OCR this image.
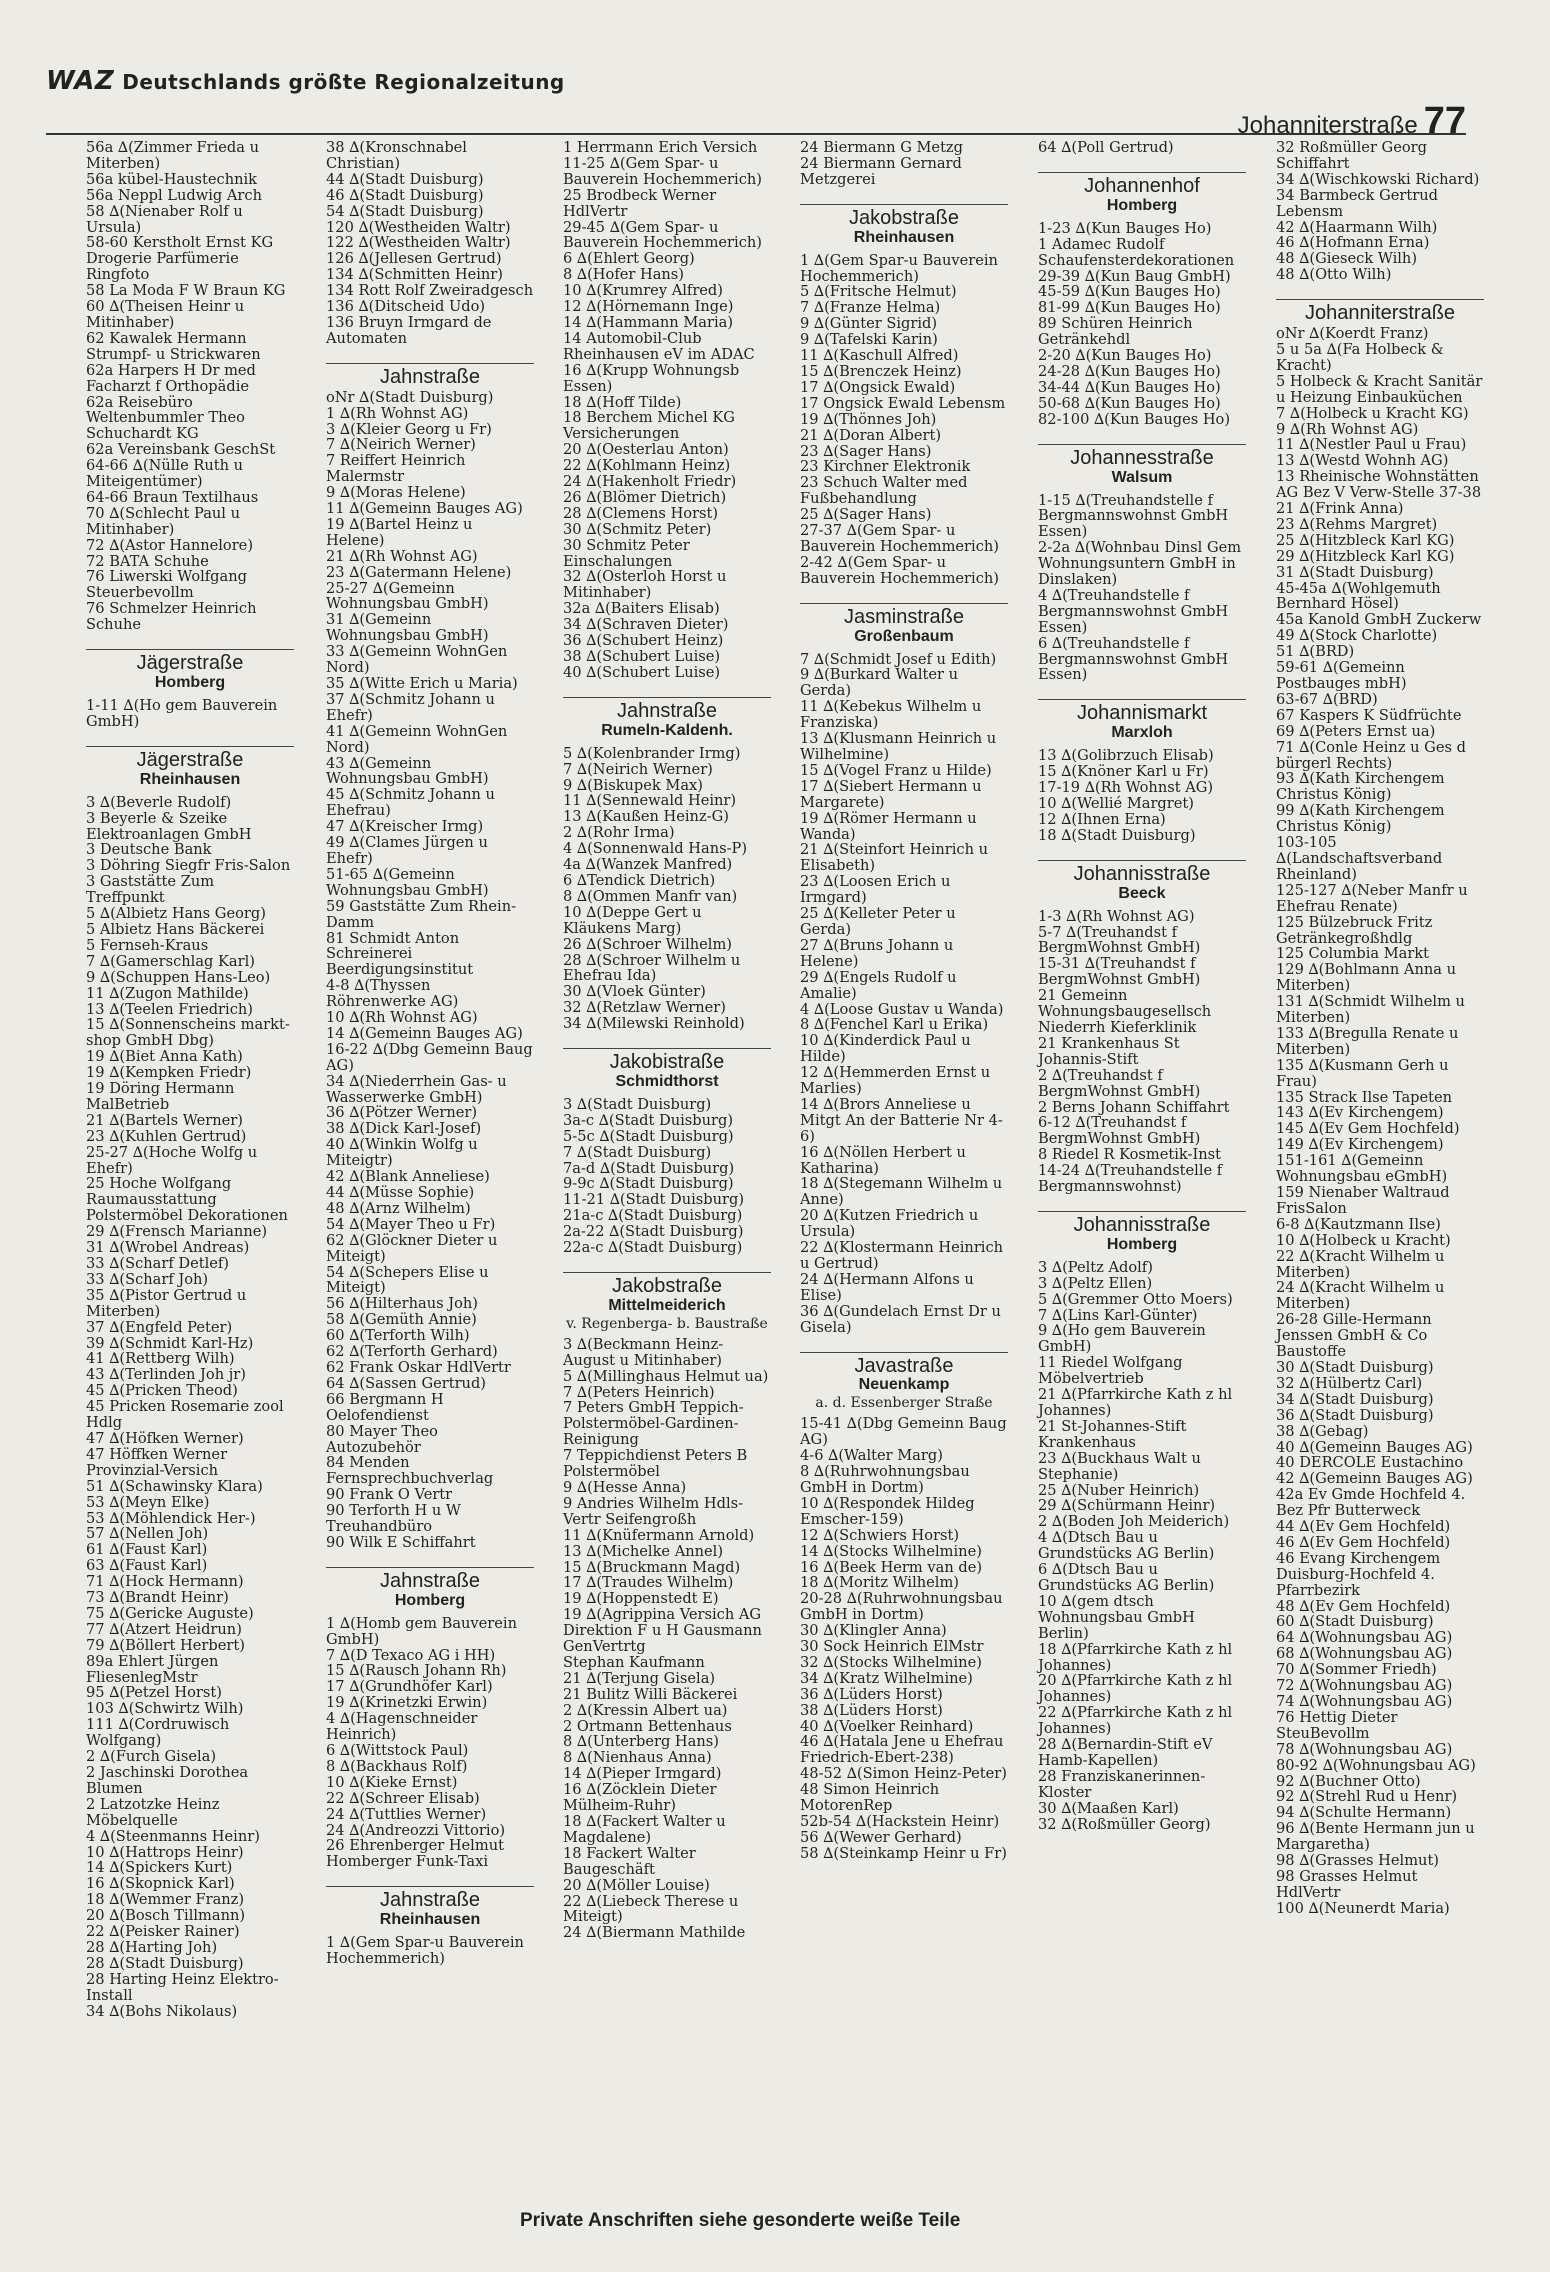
WAZ Deutschlands größte Regionalzeitung
Johanniterstraße 77
56a ∆(Zimmer Frieda u Miterben)
56a kübel-Haustechnik
56a Neppl Ludwig Arch
58 ∆(Nienaber Rolf u Ursula)
58-60 Kerstholt Ernst KG Drogerie Parfümerie Ringfoto
58 La Moda F W Braun KG
60 ∆(Theisen Heinr u Mitinhaber)
62 Kawalek Hermann Strumpf- u Strickwaren
62a Harpers H Dr med Facharzt f Orthopädie
62a Reisebüro Weltenbummler Theo Schuchardt KG
62a Vereinsbank GeschSt
64-66 ∆(Nülle Ruth u Miteigentümer)
64-66 Braun Textilhaus
70 ∆(Schlecht Paul u Mitinhaber)
72 ∆(Astor Hannelore)
72 BATA Schuhe
76 Liwerski Wolfgang Steuerbevollm
76 Schmelzer Heinrich Schuhe
Jägerstraße
Homberg
1-11 ∆(Ho gem Bauverein GmbH)
Jägerstraße
Rheinhausen
3 ∆(Beverle Rudolf)
3 Beyerle & Szeike Elektroanlagen GmbH
3 Deutsche Bank
3 Döhring Siegfr Fris-Salon
3 Gaststätte Zum Treffpunkt
5 ∆(Albietz Hans Georg)
5 Albietz Hans Bäckerei
5 Fernseh-Kraus
7 ∆(Gamerschlag Karl)
9 ∆(Schuppen Hans-Leo)
11 ∆(Zugon Mathilde)
13 ∆(Teelen Friedrich)
15 ∆(Sonnenscheins markt-shop GmbH Dbg)
19 ∆(Biet Anna Kath)
19 ∆(Kempken Friedr)
19 Döring Hermann MalBetrieb
21 ∆(Bartels Werner)
23 ∆(Kuhlen Gertrud)
25-27 ∆(Hoche Wolfg u Ehefr)
25 Hoche Wolfgang Raumausstattung Polstermöbel Dekorationen
29 ∆(Frensch Marianne)
31 ∆(Wrobel Andreas)
33 ∆(Scharf Detlef)
33 ∆(Scharf Joh)
35 ∆(Pistor Gertrud u Miterben)
37 ∆(Engfeld Peter)
39 ∆(Schmidt Karl-Hz)
41 ∆(Rettberg Wilh)
43 ∆(Terlinden Joh jr)
45 ∆(Pricken Theod)
45 Pricken Rosemarie zool Hdlg
47 ∆(Höfken Werner)
47 Höffken Werner Provinzial-Versich
51 ∆(Schawinsky Klara)
53 ∆(Meyn Elke)
53 ∆(Möhlendick Her-)
57 ∆(Nellen Joh)
61 ∆(Faust Karl)
63 ∆(Faust Karl)
71 ∆(Hock Hermann)
73 ∆(Brandt Heinr)
75 ∆(Gericke Auguste)
77 ∆(Atzert Heidrun)
79 ∆(Böllert Herbert)
89a Ehlert Jürgen FliesenlegMstr
95 ∆(Petzel Horst)
103 ∆(Schwirtz Wilh)
111 ∆(Cordruwisch Wolfgang)
2 ∆(Furch Gisela)
2 Jaschinski Dorothea Blumen
2 Latzotzke Heinz Möbelquelle
4 ∆(Steenmanns Heinr)
10 ∆(Hattrops Heinr)
14 ∆(Spickers Kurt)
16 ∆(Skopnick Karl)
18 ∆(Wemmer Franz)
20 ∆(Bosch Tillmann)
22 ∆(Peisker Rainer)
28 ∆(Harting Joh)
28 ∆(Stadt Duisburg)
28 Harting Heinz Elektro-Install
34 ∆(Bohs Nikolaus)
38 ∆(Kronschnabel Christian)
44 ∆(Stadt Duisburg)
46 ∆(Stadt Duisburg)
54 ∆(Stadt Duisburg)
120 ∆(Westheiden Waltr)
122 ∆(Westheiden Waltr)
126 ∆(Jellesen Gertrud)
134 ∆(Schmitten Heinr)
134 Rott Rolf Zweiradgesch
136 ∆(Ditscheid Udo)
136 Bruyn Irmgard de Automaten
Jahnstraße
oNr ∆(Stadt Duisburg)
1 ∆(Rh Wohnst AG)
3 ∆(Kleier Georg u Fr)
7 ∆(Neirich Werner)
7 Reiffert Heinrich Malermstr
9 ∆(Moras Helene)
11 ∆(Gemeinn Bauges AG)
19 ∆(Bartel Heinz u Helene)
21 ∆(Rh Wohnst AG)
23 ∆(Gatermann Helene)
25-27 ∆(Gemeinn Wohnungsbau GmbH)
31 ∆(Gemeinn Wohnungsbau GmbH)
33 ∆(Gemeinn WohnGen Nord)
35 ∆(Witte Erich u Maria)
37 ∆(Schmitz Johann u Ehefr)
41 ∆(Gemeinn WohnGen Nord)
43 ∆(Gemeinn Wohnungsbau GmbH)
45 ∆(Schmitz Johann u Ehefrau)
47 ∆(Kreischer Irmg)
49 ∆(Clames Jürgen u Ehefr)
51-65 ∆(Gemeinn Wohnungsbau GmbH)
59 Gaststätte Zum Rhein-Damm
81 Schmidt Anton Schreinerei Beerdigungsinstitut
4-8 ∆(Thyssen Röhrenwerke AG)
10 ∆(Rh Wohnst AG)
14 ∆(Gemeinn Bauges AG)
16-22 ∆(Dbg Gemeinn Baug AG)
34 ∆(Niederrhein Gas- u Wasserwerke GmbH)
36 ∆(Pötzer Werner)
38 ∆(Dick Karl-Josef)
40 ∆(Winkin Wolfg u Miteigtr)
42 ∆(Blank Anneliese)
44 ∆(Müsse Sophie)
48 ∆(Arnz Wilhelm)
54 ∆(Mayer Theo u Fr)
62 ∆(Glöckner Dieter u Miteigt)
54 ∆(Schepers Elise u Miteigt)
56 ∆(Hilterhaus Joh)
58 ∆(Gemüth Annie)
60 ∆(Terforth Wilh)
62 ∆(Terforth Gerhard)
62 Frank Oskar HdlVertr
64 ∆(Sassen Gertrud)
66 Bergmann H Oelofendienst
80 Mayer Theo Autozubehör
84 Menden Fernsprechbuchverlag
90 Frank O Vertr
90 Terforth H u W Treuhandbüro
90 Wilk E Schiffahrt
Jahnstraße
Homberg
1 ∆(Homb gem Bauverein GmbH)
7 ∆(D Texaco AG i HH)
15 ∆(Rausch Johann Rh)
17 ∆(Grundhöfer Karl)
19 ∆(Krinetzki Erwin)
4 ∆(Hagenschneider Heinrich)
6 ∆(Wittstock Paul)
8 ∆(Backhaus Rolf)
10 ∆(Kieke Ernst)
22 ∆(Schreer Elisab)
24 ∆(Tuttlies Werner)
24 ∆(Andreozzi Vittorio)
26 Ehrenberger Helmut Homberger Funk-Taxi
Jahnstraße
Rheinhausen
1 ∆(Gem Spar-u Bauverein Hochemmerich)
1 Herrmann Erich Versich
11-25 ∆(Gem Spar- u Bauverein Hochemmerich)
25 Brodbeck Werner HdlVertr
29-45 ∆(Gem Spar- u Bauverein Hochemmerich)
6 ∆(Ehlert Georg)
8 ∆(Hofer Hans)
10 ∆(Krumrey Alfred)
12 ∆(Hörnemann Inge)
14 ∆(Hammann Maria)
14 Automobil-Club Rheinhausen eV im ADAC
16 ∆(Krupp Wohnungsb Essen)
18 ∆(Hoff Tilde)
18 Berchem Michel KG Versicherungen
20 ∆(Oesterlau Anton)
22 ∆(Kohlmann Heinz)
24 ∆(Hakenholt Friedr)
26 ∆(Blömer Dietrich)
28 ∆(Clemens Horst)
30 ∆(Schmitz Peter)
30 Schmitz Peter Einschalungen
32 ∆(Osterloh Horst u Mitinhaber)
32a ∆(Baiters Elisab)
34 ∆(Schraven Dieter)
36 ∆(Schubert Heinz)
38 ∆(Schubert Luise)
40 ∆(Schubert Luise)
Jahnstraße
Rumeln-Kaldenh.
5 ∆(Kolenbrander Irmg)
7 ∆(Neirich Werner)
9 ∆(Biskupek Max)
11 ∆(Sennewald Heinr)
13 ∆(Kaußen Heinz-G)
2 ∆(Rohr Irma)
4 ∆(Sonnenwald Hans-P)
4a ∆(Wanzek Manfred)
6 ∆Tendick Dietrich)
8 ∆(Ommen Manfr van)
10 ∆(Deppe Gert u Kläukens Marg)
26 ∆(Schroer Wilhelm)
28 ∆(Schroer Wilhelm u Ehefrau Ida)
30 ∆(Vloek Günter)
32 ∆(Retzlaw Werner)
34 ∆(Milewski Reinhold)
Jakobistraße
Schmidthorst
3 ∆(Stadt Duisburg)
3a-c ∆(Stadt Duisburg)
5-5c ∆(Stadt Duisburg)
7 ∆(Stadt Duisburg)
7a-d ∆(Stadt Duisburg)
9-9c ∆(Stadt Duisburg)
11-21 ∆(Stadt Duisburg)
21a-c ∆(Stadt Duisburg)
2a-22 ∆(Stadt Duisburg)
22a-c ∆(Stadt Duisburg)
Jakobstraße
Mittelmeiderich
v. Regenberga- b. Baustraße
3 ∆(Beckmann Heinz-August u Mitinhaber)
5 ∆(Millinghaus Helmut ua)
7 ∆(Peters Heinrich)
7 Peters GmbH Teppich-Polstermöbel-Gardinen-Reinigung
7 Teppichdienst Peters B Polstermöbel
9 ∆(Hesse Anna)
9 Andries Wilhelm Hdls-Vertr Seifengroßh
11 ∆(Knüfermann Arnold)
13 ∆(Michelke Annel)
15 ∆(Bruckmann Magd)
17 ∆(Traudes Wilhelm)
19 ∆(Hoppenstedt E)
19 ∆(Agrippina Versich AG Direktion F u H Gausmann GenVertrtg
Stephan Kaufmann
21 ∆(Terjung Gisela)
21 Bulitz Willi Bäckerei
2 ∆(Kressin Albert ua)
2 Ortmann Bettenhaus
8 ∆(Unterberg Hans)
8 ∆(Nienhaus Anna)
14 ∆(Pieper Irmgard)
16 ∆(Zöcklein Dieter Mülheim-Ruhr)
18 ∆(Fackert Walter u Magdalene)
18 Fackert Walter Baugeschäft
20 ∆(Möller Louise)
22 ∆(Liebeck Therese u Miteigt)
24 ∆(Biermann Mathilde
24 Biermann G Metzg
24 Biermann Gernard Metzgerei
Jakobstraße
Rheinhausen
1 ∆(Gem Spar-u Bauverein Hochemmerich)
5 ∆(Fritsche Helmut)
7 ∆(Franze Helma)
9 ∆(Günter Sigrid)
9 ∆(Tafelski Karin)
11 ∆(Kaschull Alfred)
15 ∆(Brenczek Heinz)
17 ∆(Ongsick Ewald)
17 Ongsick Ewald Lebensm
19 ∆(Thönnes Joh)
21 ∆(Doran Albert)
23 ∆(Sager Hans)
23 Kirchner Elektronik
23 Schuch Walter med Fußbehandlung
25 ∆(Sager Hans)
27-37 ∆(Gem Spar- u Bauverein Hochemmerich)
2-42 ∆(Gem Spar- u Bauverein Hochemmerich)
Jasminstraße
Großenbaum
7 ∆(Schmidt Josef u Edith)
9 ∆(Burkard Walter u Gerda)
11 ∆(Kebekus Wilhelm u Franziska)
13 ∆(Klusmann Heinrich u Wilhelmine)
15 ∆(Vogel Franz u Hilde)
17 ∆(Siebert Hermann u Margarete)
19 ∆(Römer Hermann u Wanda)
21 ∆(Steinfort Heinrich u Elisabeth)
23 ∆(Loosen Erich u Irmgard)
25 ∆(Kelleter Peter u Gerda)
27 ∆(Bruns Johann u Helene)
29 ∆(Engels Rudolf u Amalie)
4 ∆(Loose Gustav u Wanda)
8 ∆(Fenchel Karl u Erika)
10 ∆(Kinderdick Paul u Hilde)
12 ∆(Hemmerden Ernst u Marlies)
14 ∆(Brors Anneliese u Mitgt An der Batterie Nr 4-6)
16 ∆(Nöllen Herbert u Katharina)
18 ∆(Stegemann Wilhelm u Anne)
20 ∆(Kutzen Friedrich u Ursula)
22 ∆(Klostermann Heinrich u Gertrud)
24 ∆(Hermann Alfons u Elise)
36 ∆(Gundelach Ernst Dr u Gisela)
Javastraße
Neuenkamp
a. d. Essenberger Straße
15-41 ∆(Dbg Gemeinn Baug AG)
4-6 ∆(Walter Marg)
8 ∆(Ruhrwohnungsbau GmbH in Dortm)
10 ∆(Respondek Hildeg Emscher-159)
12 ∆(Schwiers Horst)
14 ∆(Stocks Wilhelmine)
16 ∆(Beek Herm van de)
18 ∆(Moritz Wilhelm)
20-28 ∆(Ruhrwohnungsbau GmbH in Dortm)
30 ∆(Klingler Anna)
30 Sock Heinrich ElMstr
32 ∆(Stocks Wilhelmine)
34 ∆(Kratz Wilhelmine)
36 ∆(Lüders Horst)
38 ∆(Lüders Horst)
40 ∆(Voelker Reinhard)
46 ∆(Hatala Jene u Ehefrau Friedrich-Ebert-238)
48-52 ∆(Simon Heinz-Peter)
48 Simon Heinrich MotorenRep
52b-54 ∆(Hackstein Heinr)
56 ∆(Wewer Gerhard)
58 ∆(Steinkamp Heinr u Fr)
64 ∆(Poll Gertrud)
Johannenhof
Homberg
1-23 ∆(Kun Bauges Ho)
1 Adamec Rudolf Schaufensterdekorationen
29-39 ∆(Kun Baug GmbH)
45-59 ∆(Kun Bauges Ho)
81-99 ∆(Kun Bauges Ho)
89 Schüren Heinrich Getränkehdl
2-20 ∆(Kun Bauges Ho)
24-28 ∆(Kun Bauges Ho)
34-44 ∆(Kun Bauges Ho)
50-68 ∆(Kun Bauges Ho)
82-100 ∆(Kun Bauges Ho)
Johannesstraße
Walsum
1-15 ∆(Treuhandstelle f Bergmannswohnst GmbH Essen)
2-2a ∆(Wohnbau Dinsl Gem Wohnungsuntern GmbH in Dinslaken)
4 ∆(Treuhandstelle f Bergmannswohnst GmbH Essen)
6 ∆(Treuhandstelle f Bergmannswohnst GmbH Essen)
Johannismarkt
Marxloh
13 ∆(Golibrzuch Elisab)
15 ∆(Knöner Karl u Fr)
17-19 ∆(Rh Wohnst AG)
10 ∆(Wellié Margret)
12 ∆(Ihnen Erna)
18 ∆(Stadt Duisburg)
Johannisstraße
Beeck
1-3 ∆(Rh Wohnst AG)
5-7 ∆(Treuhandst f BergmWohnst GmbH)
15-31 ∆(Treuhandst f BergmWohnst GmbH)
21 Gemeinn Wohnungsbaugesellsch Niederrh Kieferklinik
21 Krankenhaus St Johannis-Stift
2 ∆(Treuhandst f BergmWohnst GmbH)
2 Berns Johann Schiffahrt
6-12 ∆(Treuhandst f BergmWohnst GmbH)
8 Riedel R Kosmetik-Inst
14-24 ∆(Treuhandstelle f Bergmannswohnst)
Johannisstraße
Homberg
3 ∆(Peltz Adolf)
3 ∆(Peltz Ellen)
5 ∆(Gremmer Otto Moers)
7 ∆(Lins Karl-Günter)
9 ∆(Ho gem Bauverein GmbH)
11 Riedel Wolfgang Möbelvertrieb
21 ∆(Pfarrkirche Kath z hl Johannes)
21 St-Johannes-Stift Krankenhaus
23 ∆(Buckhaus Walt u Stephanie)
25 ∆(Nuber Heinrich)
29 ∆(Schürmann Heinr)
2 ∆(Boden Joh Meiderich)
4 ∆(Dtsch Bau u Grundstücks AG Berlin)
6 ∆(Dtsch Bau u Grundstücks AG Berlin)
10 ∆(gem dtsch Wohnungsbau GmbH Berlin)
18 ∆(Pfarrkirche Kath z hl Johannes)
20 ∆(Pfarrkirche Kath z hl Johannes)
22 ∆(Pfarrkirche Kath z hl Johannes)
28 ∆(Bernardin-Stift eV Hamb-Kapellen)
28 Franziskanerinnen-Kloster
30 ∆(Maaßen Karl)
32 ∆(Roßmüller Georg)
32 Roßmüller Georg Schiffahrt
34 ∆(Wischkowski Richard)
34 Barmbeck Gertrud Lebensm
42 ∆(Haarmann Wilh)
46 ∆(Hofmann Erna)
48 ∆(Gieseck Wilh)
48 ∆(Otto Wilh)
Johanniterstraße
oNr ∆(Koerdt Franz)
5 u 5a ∆(Fa Holbeck & Kracht)
5 Holbeck & Kracht Sanitär u Heizung Einbauküchen
7 ∆(Holbeck u Kracht KG)
9 ∆(Rh Wohnst AG)
11 ∆(Nestler Paul u Frau)
13 ∆(Westd Wohnh AG)
13 Rheinische Wohnstätten AG Bez V Verw-Stelle 37-38
21 ∆(Frink Anna)
23 ∆(Rehms Margret)
25 ∆(Hitzbleck Karl KG)
29 ∆(Hitzbleck Karl KG)
31 ∆(Stadt Duisburg)
45-45a ∆(Wohlgemuth Bernhard Hösel)
45a Kanold GmbH Zuckerw
49 ∆(Stock Charlotte)
51 ∆(BRD)
59-61 ∆(Gemeinn Postbauges mbH)
63-67 ∆(BRD)
67 Kaspers K Südfrüchte
69 ∆(Peters Ernst ua)
71 ∆(Conle Heinz u Ges d bürgerl Rechts)
93 ∆(Kath Kirchengem Christus König)
99 ∆(Kath Kirchengem Christus König)
103-105 ∆(Landschaftsverband Rheinland)
125-127 ∆(Neber Manfr u Ehefrau Renate)
125 Bülzebruck Fritz Getränkegroßhdlg
125 Columbia Markt
129 ∆(Bohlmann Anna u Miterben)
131 ∆(Schmidt Wilhelm u Miterben)
133 ∆(Bregulla Renate u Miterben)
135 ∆(Kusmann Gerh u Frau)
135 Strack Ilse Tapeten
143 ∆(Ev Kirchengem)
145 ∆(Ev Gem Hochfeld)
149 ∆(Ev Kirchengem)
151-161 ∆(Gemeinn Wohnungsbau eGmbH)
159 Nienaber Waltraud FrisSalon
6-8 ∆(Kautzmann Ilse)
10 ∆(Holbeck u Kracht)
22 ∆(Kracht Wilhelm u Miterben)
24 ∆(Kracht Wilhelm u Miterben)
26-28 Gille-Hermann Jenssen GmbH & Co Baustoffe
30 ∆(Stadt Duisburg)
32 ∆(Hülbertz Carl)
34 ∆(Stadt Duisburg)
36 ∆(Stadt Duisburg)
38 ∆(Gebag)
40 ∆(Gemeinn Bauges AG)
40 DERCOLE Eustachino
42 ∆(Gemeinn Bauges AG)
42a Ev Gmde Hochfeld 4. Bez Pfr Butterweck
44 ∆(Ev Gem Hochfeld)
46 ∆(Ev Gem Hochfeld)
46 Evang Kirchengem Duisburg-Hochfeld 4. Pfarrbezirk
48 ∆(Ev Gem Hochfeld)
60 ∆(Stadt Duisburg)
64 ∆(Wohnungsbau AG)
68 ∆(Wohnungsbau AG)
70 ∆(Sommer Friedh)
72 ∆(Wohnungsbau AG)
74 ∆(Wohnungsbau AG)
76 Hettig Dieter SteuBevollm
78 ∆(Wohnungsbau AG)
80-92 ∆(Wohnungsbau AG)
92 ∆(Buchner Otto)
92 ∆(Strehl Rud u Henr)
94 ∆(Schulte Hermann)
96 ∆(Bente Hermann jun u Margaretha)
98 ∆(Grasses Helmut)
98 Grasses Helmut HdlVertr
100 ∆(Neunerdt Maria)
Private Anschriften siehe gesonderte weiße Teile
